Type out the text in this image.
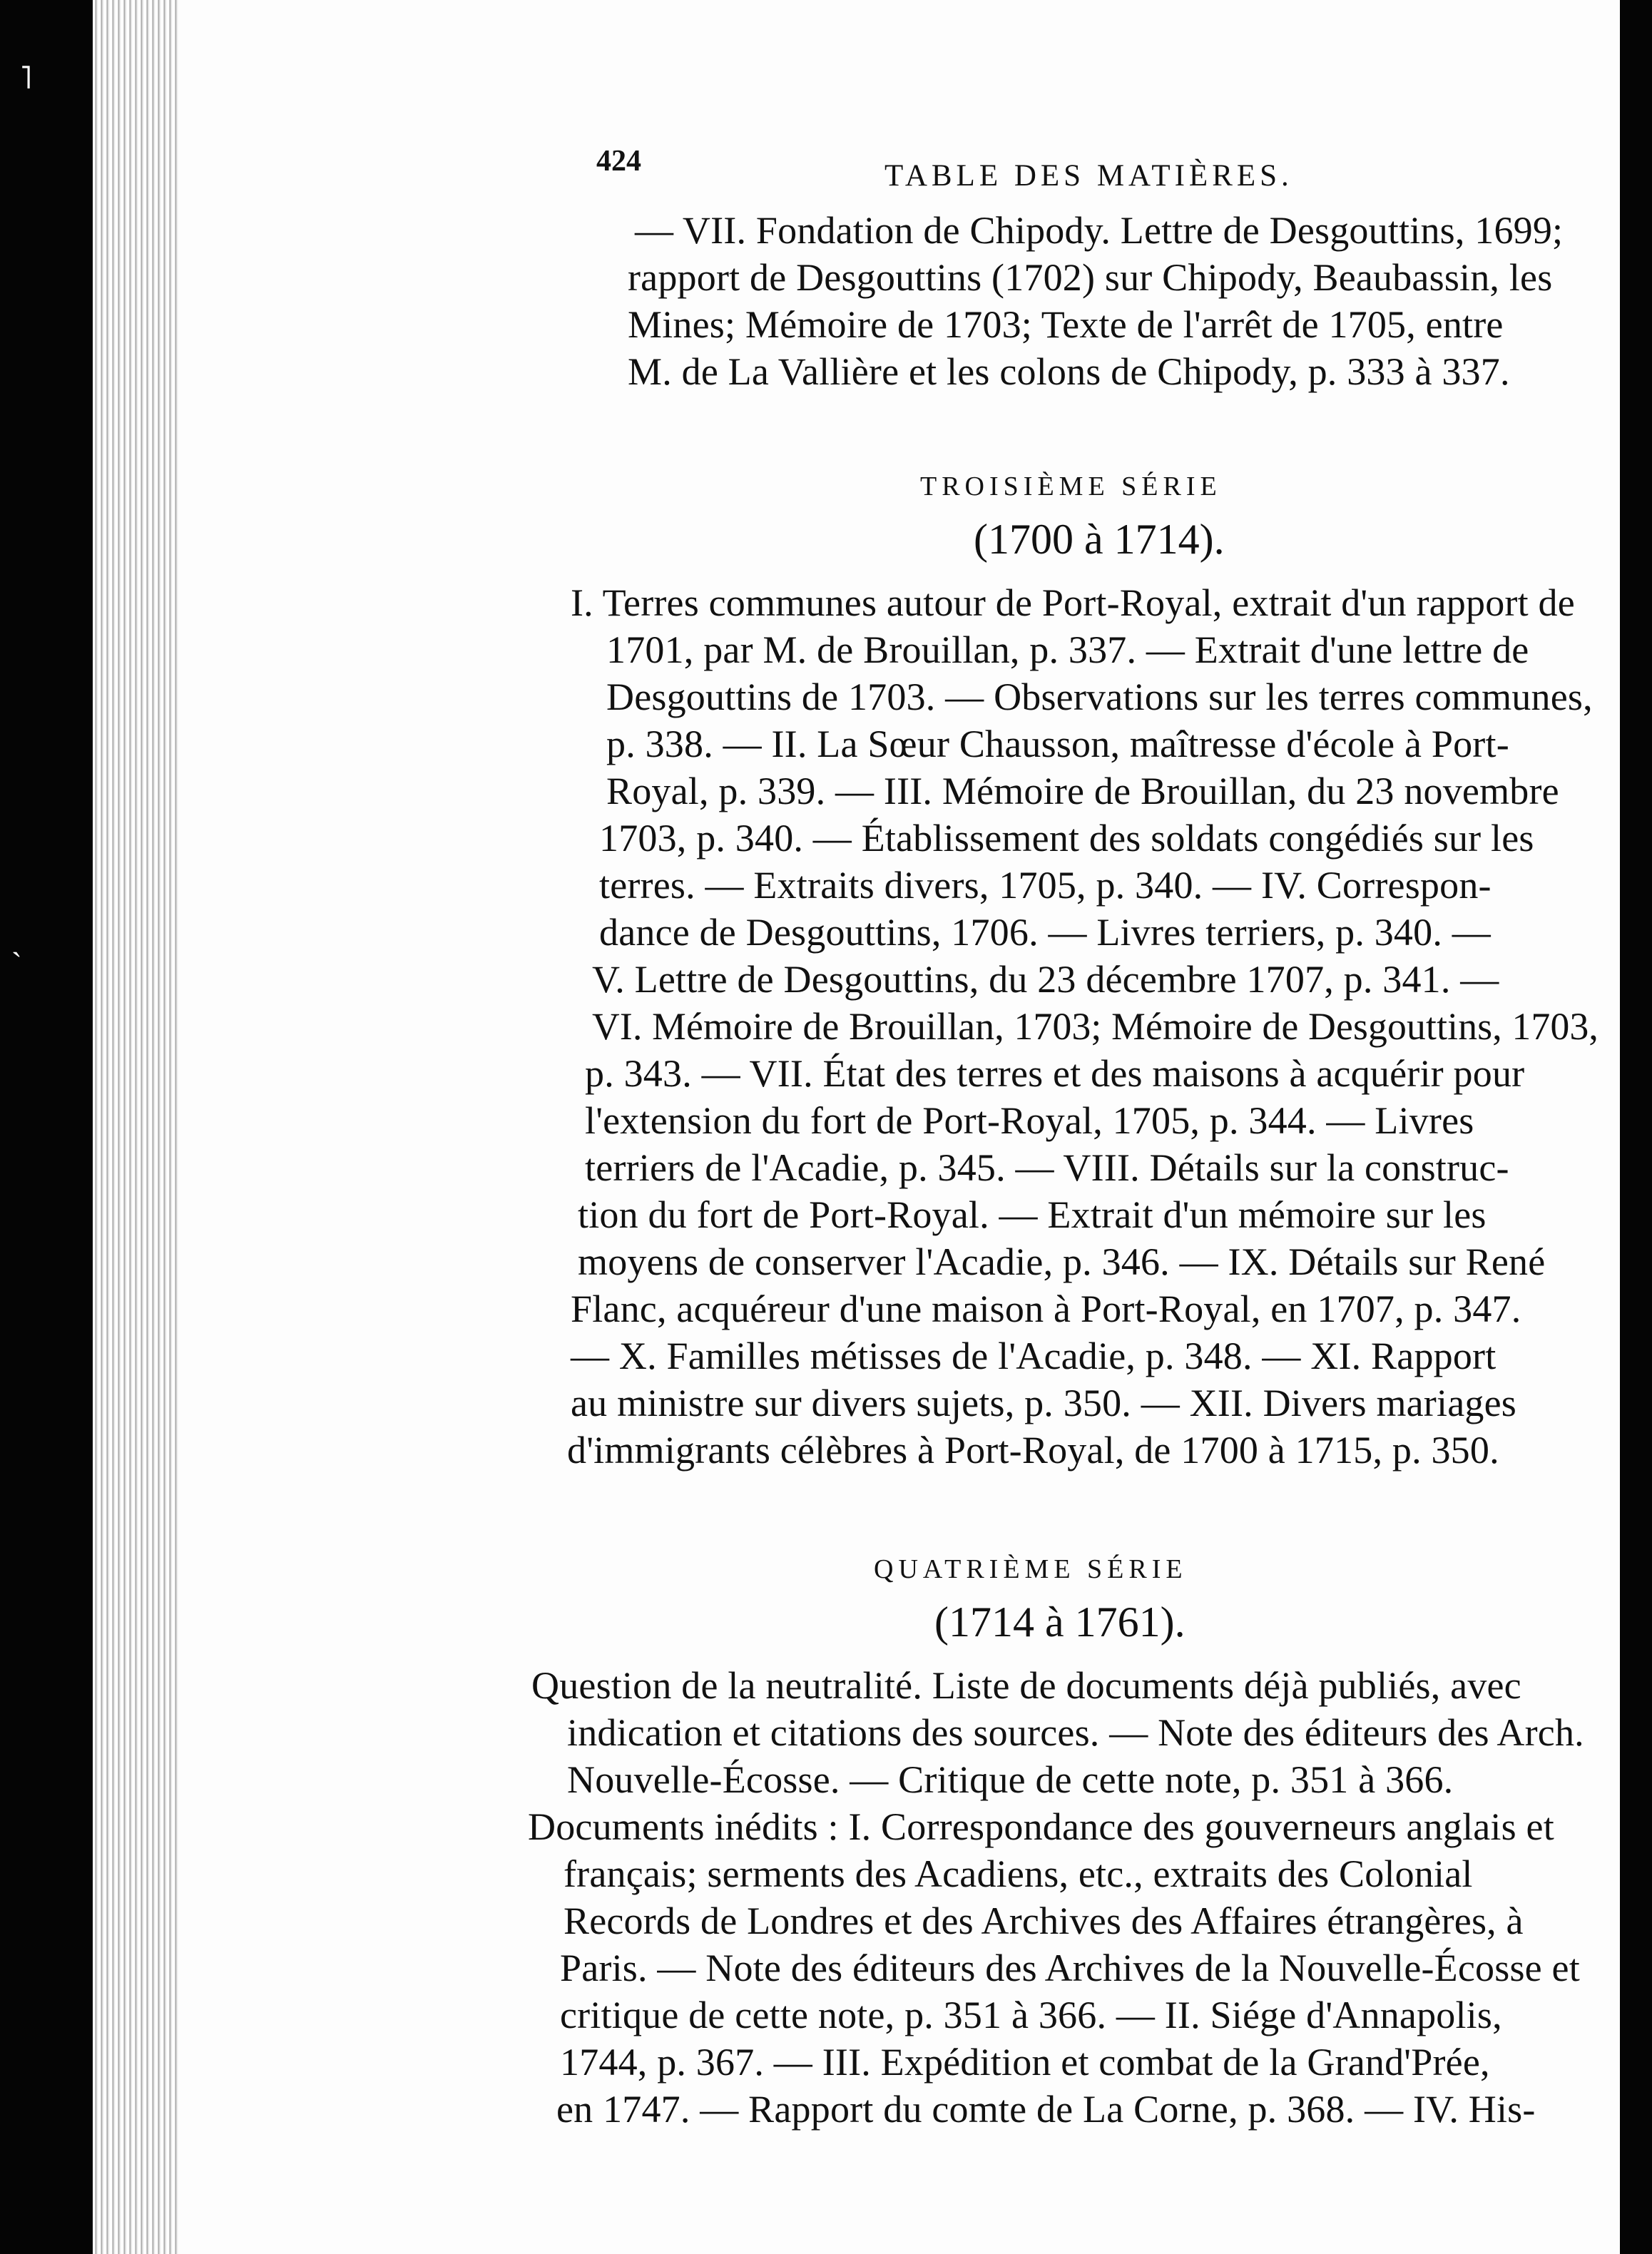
˥
˴
424	TABLE DES MATIÈRES.
— VII. Fondation de Chipody. Lettre de Desgouttins, 1699;
rapport de Desgouttins (1702) sur Chipody, Beaubassin, les
Mines; Mémoire de 1703; Texte de l'arrêt de 1705, entre
M. de La Vallière et les colons de Chipody, p. 333 à 337.
TROISIÈME SÉRIE
(1700 à 1714).
I. Terres communes autour de Port-Royal, extrait d'un rapport de
1701, par M. de Brouillan, p. 337. — Extrait d'une lettre de
Desgouttins de 1703. — Observations sur les terres communes,
p. 338. — II. La Sœur Chausson, maîtresse d'école à Port-
Royal, p. 339. — III. Mémoire de Brouillan, du 23 novembre
1703, p. 340. — Établissement des soldats congédiés sur les
terres. — Extraits divers, 1705, p. 340. — IV. Correspon-
dance de Desgouttins, 1706. — Livres terriers, p. 340. —
V. Lettre de Desgouttins, du 23 décembre 1707, p. 341. —
VI. Mémoire de Brouillan, 1703; Mémoire de Desgouttins, 1703,
p. 343. — VII. État des terres et des maisons à acquérir pour
l'extension du fort de Port-Royal, 1705, p. 344. — Livres
terriers de l'Acadie, p. 345. — VIII. Détails sur la construc-
tion du fort de Port-Royal. — Extrait d'un mémoire sur les
moyens de conserver l'Acadie, p. 346. — IX. Détails sur René
Flanc, acquéreur d'une maison à Port-Royal, en 1707, p. 347.
— X. Familles métisses de l'Acadie, p. 348. — XI. Rapport
au ministre sur divers sujets, p. 350. — XII. Divers mariages
d'immigrants célèbres à Port-Royal, de 1700 à 1715, p. 350.
QUATRIÈME SÉRIE
(1714 à 1761).
Question de la neutralité. Liste de documents déjà publiés, avec
indication et citations des sources. — Note des éditeurs des Arch.
Nouvelle-Écosse. — Critique de cette note, p. 351 à 366.
Documents inédits : I. Correspondance des gouverneurs anglais et
français; serments des Acadiens, etc., extraits des Colonial
Records de Londres et des Archives des Affaires étrangères, à
Paris. — Note des éditeurs des Archives de la Nouvelle-Écosse et
critique de cette note, p. 351 à 366. — II. Siége d'Annapolis,
1744, p. 367. — III. Expédition et combat de la Grand'Prée,
en 1747. — Rapport du comte de La Corne, p. 368. — IV. His-
